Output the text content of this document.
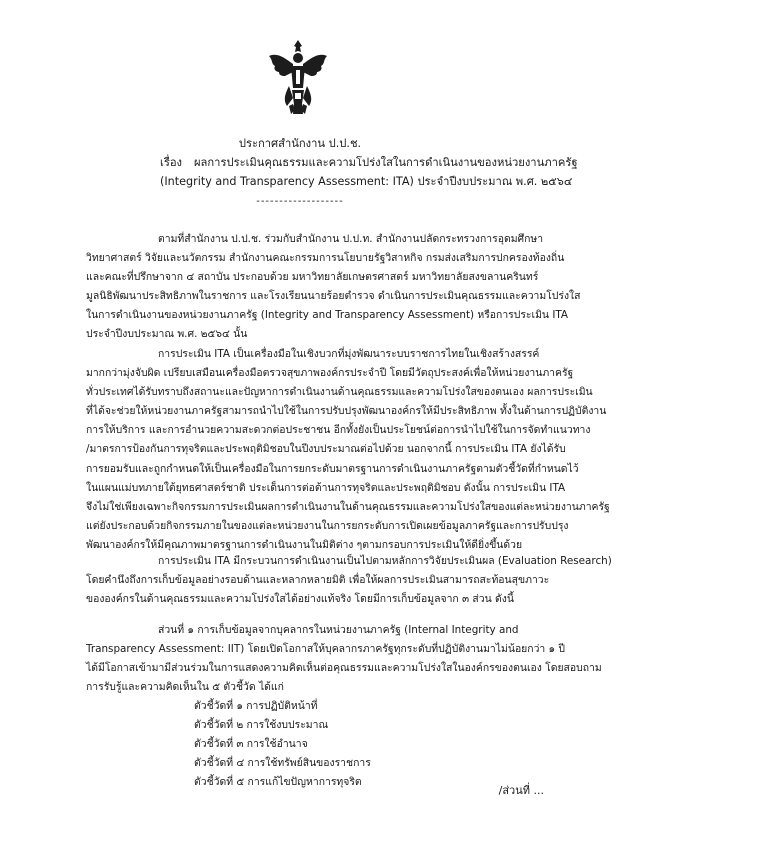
ประกาศสำนักงาน ป.ป.ช.
เรื่อง ผลการประเมินคุณธรรมและความโปร่งใสในการดำเนินงานของหน่วยงานภาครัฐ
(Integrity and Transparency Assessment: ITA) ประจำปีงบประมาณ พ.ศ. ๒๕๖๔
-------------------
ตามที่สำนักงาน ป.ป.ช. ร่วมกับสำนักงาน ป.ป.ท. สำนักงานปลัดกระทรวงการอุดมศึกษา
วิทยาศาสตร์ วิจัยและนวัตกรรม สำนักงานคณะกรรมการนโยบายรัฐวิสาหกิจ กรมส่งเสริมการปกครองท้องถิ่น
และคณะที่ปรึกษาจาก ๔ สถาบัน ประกอบด้วย มหาวิทยาลัยเกษตรศาสตร์ มหาวิทยาลัยสงขลานครินทร์
มูลนิธิพัฒนาประสิทธิภาพในราชการ และโรงเรียนนายร้อยตำรวจ ดำเนินการประเมินคุณธรรมและความโปร่งใส
ในการดำเนินงานของหน่วยงานภาครัฐ (Integrity and Transparency Assessment) หรือการประเมิน ITA
ประจำปีงบประมาณ พ.ศ. ๒๕๖๔ นั้น
การประเมิน ITA เป็นเครื่องมือในเชิงบวกที่มุ่งพัฒนาระบบราชการไทยในเชิงสร้างสรรค์
มากกว่ามุ่งจับผิด เปรียบเสมือนเครื่องมือตรวจสุขภาพองค์กรประจำปี โดยมีวัตถุประสงค์เพื่อให้หน่วยงานภาครัฐ
ทั่วประเทศได้รับทราบถึงสถานะและปัญหาการดำเนินงานด้านคุณธรรมและความโปร่งใสของตนเอง ผลการประเมิน
ที่ได้จะช่วยให้หน่วยงานภาครัฐสามารถนำไปใช้ในการปรับปรุงพัฒนาองค์กรให้มีประสิทธิภาพ ทั้งในด้านการปฏิบัติงาน
การให้บริการ และการอำนวยความสะดวกต่อประชาชน อีกทั้งยังเป็นประโยชน์ต่อการนำไปใช้ในการจัดทำแนวทาง
/มาตรการป้องกันการทุจริตและประพฤติมิชอบในปีงบประมาณต่อไปด้วย นอกจากนี้ การประเมิน ITA ยังได้รับ
การยอมรับและถูกกำหนดให้เป็นเครื่องมือในการยกระดับมาตรฐานการดำเนินงานภาครัฐตามตัวชี้วัดที่กำหนดไว้
ในแผนแม่บทภายใต้ยุทธศาสตร์ชาติ ประเด็นการต่อต้านการทุจริตและประพฤติมิชอบ ดังนั้น การประเมิน ITA
จึงไม่ใช่เพียงเฉพาะกิจกรรมการประเมินผลการดำเนินงานในด้านคุณธรรมและความโปร่งใสของแต่ละหน่วยงานภาครัฐ
แต่ยังประกอบด้วยกิจกรรมภายในของแต่ละหน่วยงานในการยกระดับการเปิดเผยข้อมูลภาครัฐและการปรับปรุง
พัฒนาองค์กรให้มีคุณภาพมาตรฐานการดำเนินงานในมิติต่าง ๆตามกรอบการประเมินให้ดียิ่งขึ้นด้วย
การประเมิน ITA มีกระบวนการดำเนินงานเป็นไปตามหลักการวิจัยประเมินผล (Evaluation Research)
โดยคำนึงถึงการเก็บข้อมูลอย่างรอบด้านและหลากหลายมิติ เพื่อให้ผลการประเมินสามารถสะท้อนสุขภาวะ
ขององค์กรในด้านคุณธรรมและความโปร่งใสได้อย่างแท้จริง โดยมีการเก็บข้อมูลจาก ๓ ส่วน ดังนี้
ส่วนที่ ๑ การเก็บข้อมูลจากบุคลากรในหน่วยงานภาครัฐ (Internal Integrity and
Transparency Assessment: IIT) โดยเปิดโอกาสให้บุคลากรภาครัฐทุกระดับที่ปฏิบัติงานมาไม่น้อยกว่า ๑ ปี
ได้มีโอกาสเข้ามามีส่วนร่วมในการแสดงความคิดเห็นต่อคุณธรรมและความโปร่งใสในองค์กรของตนเอง โดยสอบถาม
การรับรู้และความคิดเห็นใน ๕ ตัวชี้วัด ได้แก่
ตัวชี้วัดที่ ๑ การปฏิบัติหน้าที่
ตัวชี้วัดที่ ๒ การใช้งบประมาณ
ตัวชี้วัดที่ ๓ การใช้อำนาจ
ตัวชี้วัดที่ ๔ การใช้ทรัพย์สินของราชการ
ตัวชี้วัดที่ ๕ การแก้ไขปัญหาการทุจริต
/ส่วนที่ ...
